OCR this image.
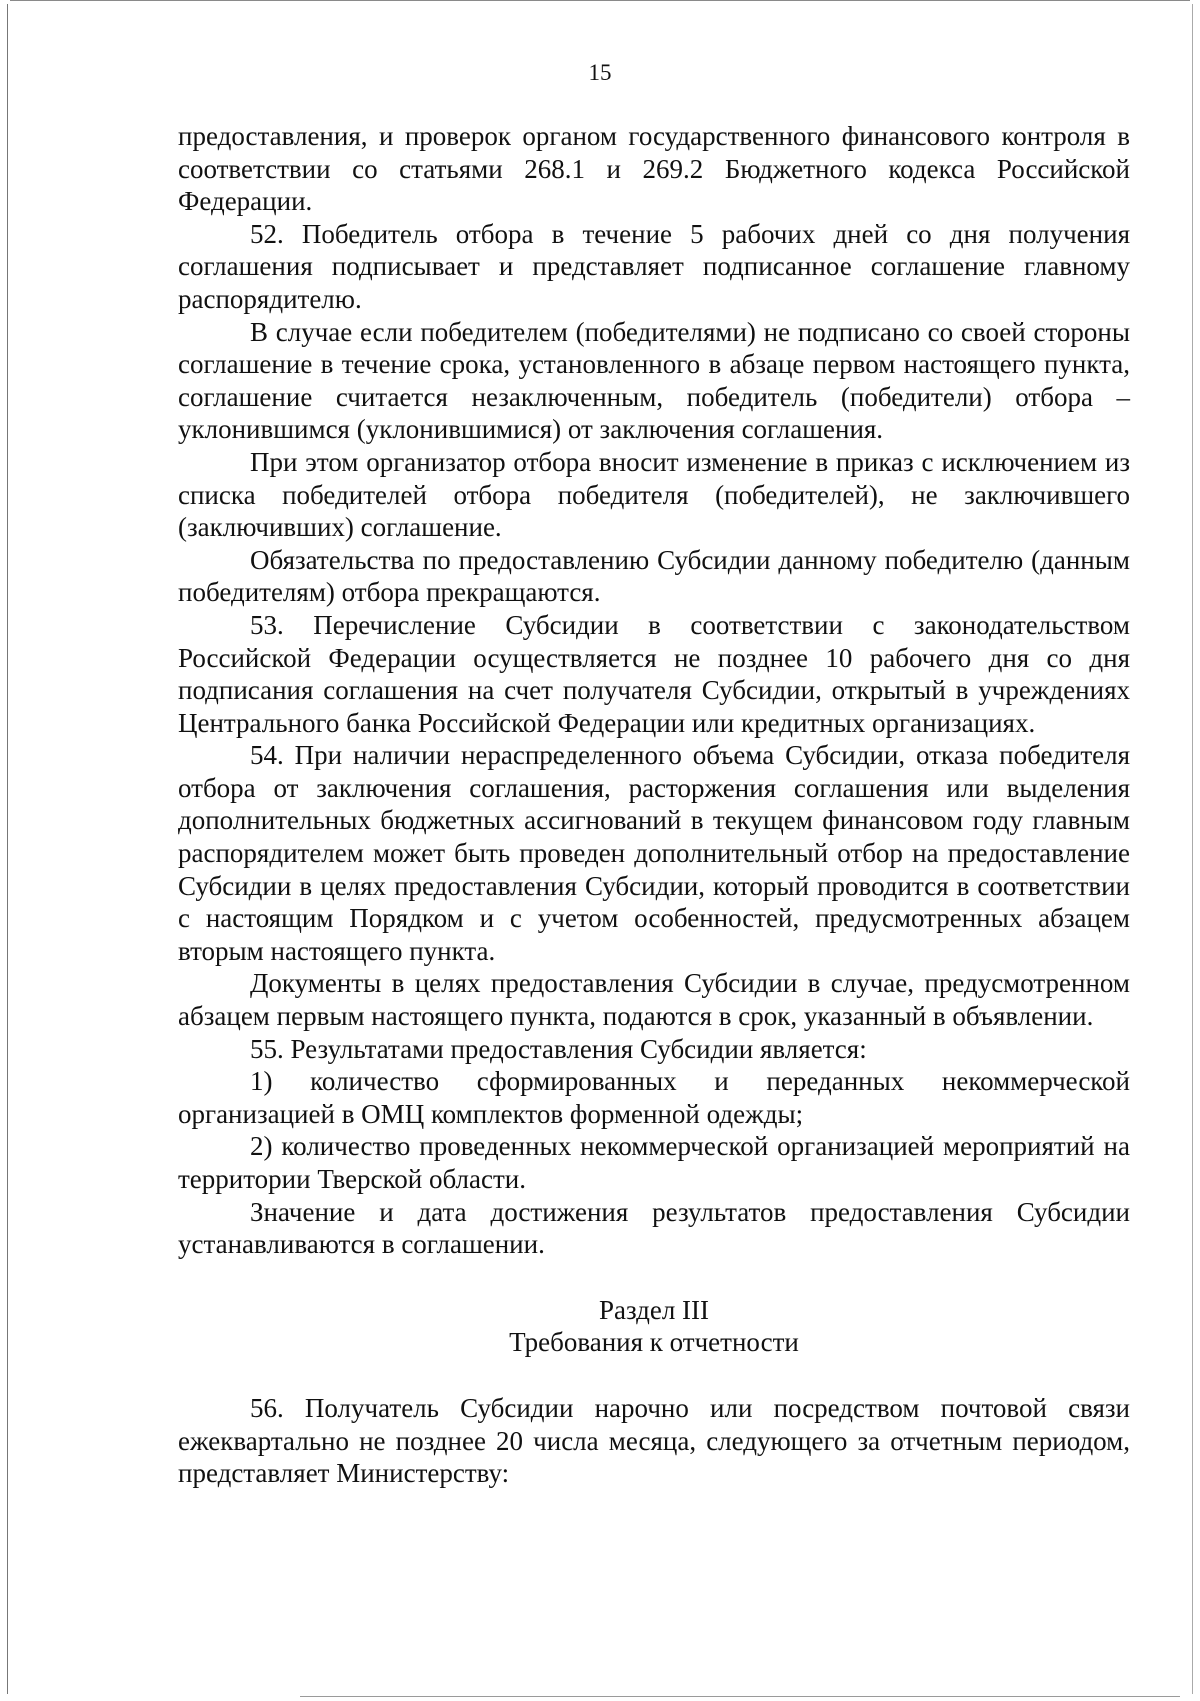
15

предоставления, и проверок органом государственного финансового контроля в соответствии со статьями 268.1 и 269.2 Бюджетного кодекса Российской Федерации.

52. Победитель отбора в течение 5 рабочих дней со дня получения соглашения подписывает и представляет подписанное соглашение главному распорядителю.

В случае если победителем (победителями) не подписано со своей стороны соглашение в течение срока, установленного в абзаце первом настоящего пункта, соглашение считается незаключенным, победитель (победители) отбора – уклонившимся (уклонившимися) от заключения соглашения.

При этом организатор отбора вносит изменение в приказ с исключением из списка победителей отбора победителя (победителей), не заключившего (заключивших) соглашение.

Обязательства по предоставлению Субсидии данному победителю (данным победителям) отбора прекращаются.

53. Перечисление Субсидии в соответствии с законодательством Российской Федерации осуществляется не позднее 10 рабочего дня со дня подписания соглашения на счет получателя Субсидии, открытый в учреждениях Центрального банка Российской Федерации или кредитных организациях.

54. При наличии нераспределенного объема Субсидии, отказа победителя отбора от заключения соглашения, расторжения соглашения или выделения дополнительных бюджетных ассигнований в текущем финансовом году главным распорядителем может быть проведен дополнительный отбор на предоставление Субсидии в целях предоставления Субсидии, который проводится в соответствии с настоящим Порядком и с учетом особенностей, предусмотренных абзацем вторым настоящего пункта.

Документы в целях предоставления Субсидии в случае, предусмотренном абзацем первым настоящего пункта, подаются в срок, указанный в объявлении.

55. Результатами предоставления Субсидии является:

1) количество сформированных и переданных некоммерческой организацией в ОМЦ комплектов форменной одежды;

2) количество проведенных некоммерческой организацией мероприятий на территории Тверской области.

Значение и дата достижения результатов предоставления Субсидии устанавливаются в соглашении.

Раздел III

Требования к отчетности

56. Получатель Субсидии нарочно или посредством почтовой связи ежеквартально не позднее 20 числа месяца, следующего за отчетным периодом, представляет Министерству:
